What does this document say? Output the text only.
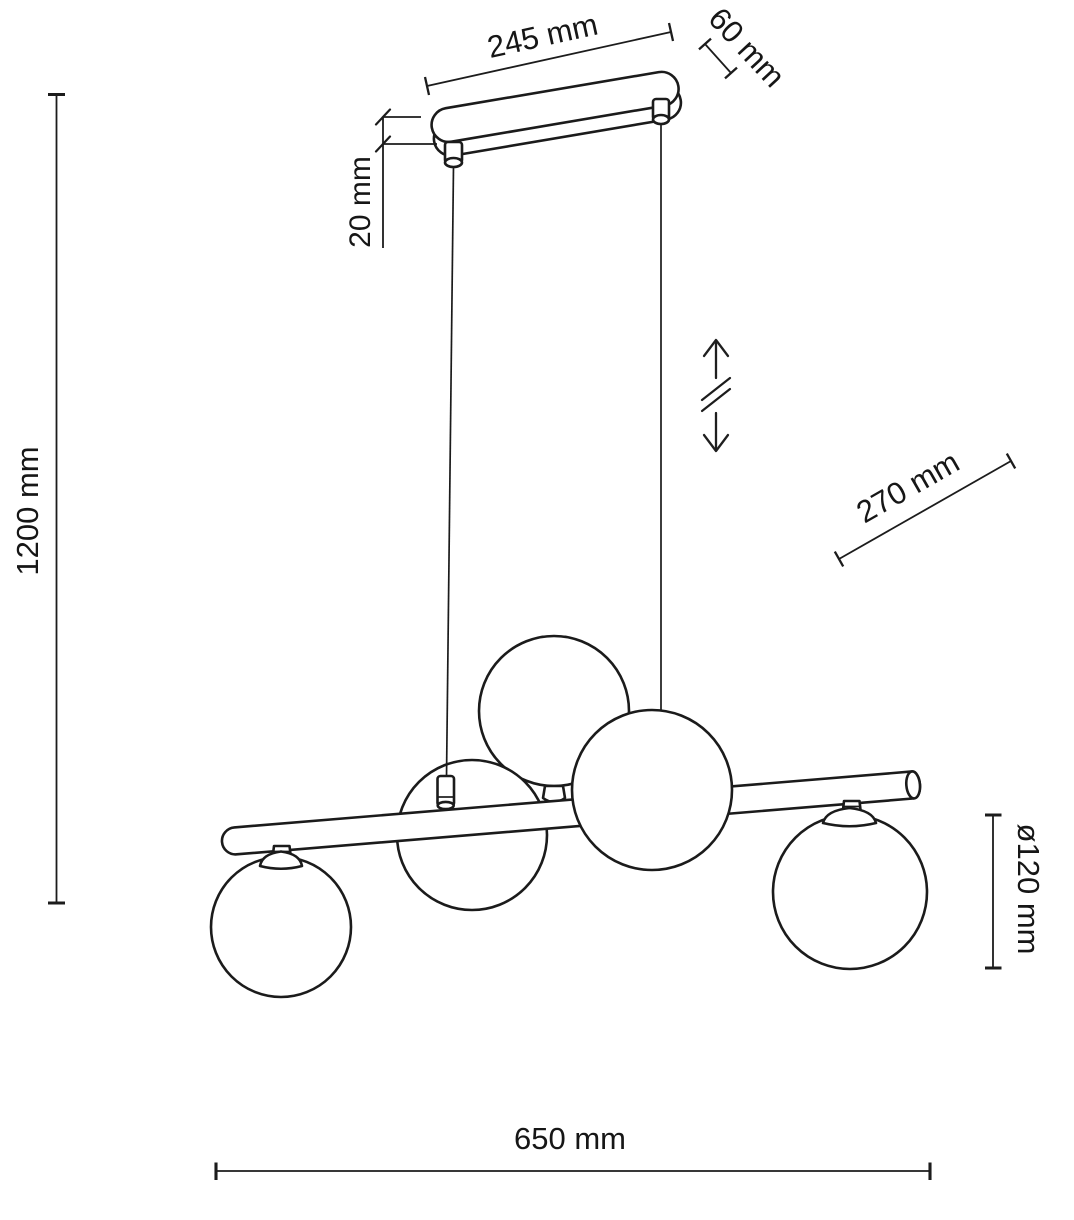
1200 mm
20 mm
245 mm	60 mm
270 mm
ø120 mm
650 mm
